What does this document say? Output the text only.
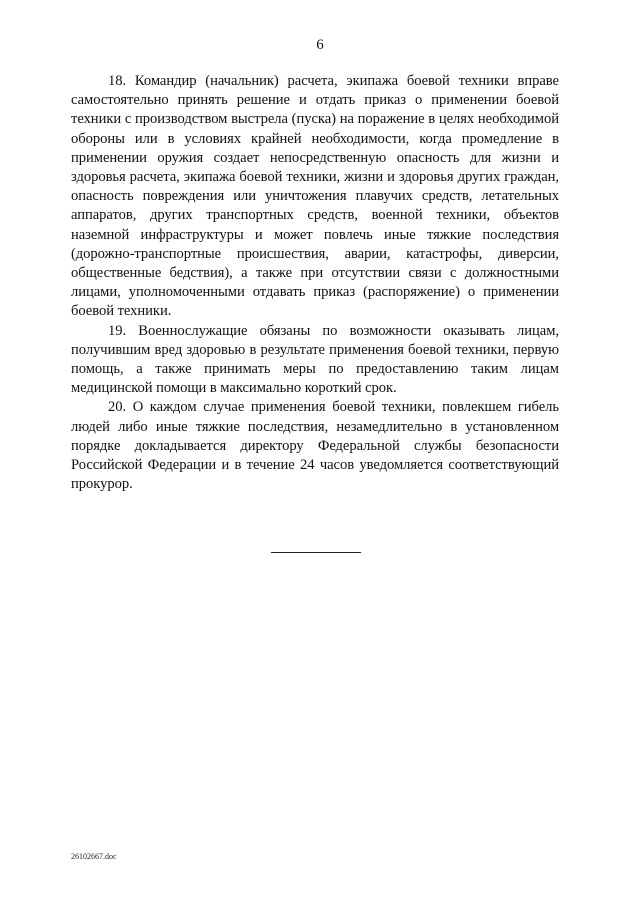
6

18. Командир (начальник) расчета, экипажа боевой техники вправе самостоятельно принять решение и отдать приказ о применении боевой техники с производством выстрела (пуска) на поражение в целях необходимой обороны или в условиях крайней необходимости, когда промедление в применении оружия создает непосредственную опасность для жизни и здоровья расчета, экипажа боевой техники, жизни и здоровья других граждан, опасность повреждения или уничтожения плавучих средств, летательных аппаратов, других транспортных средств, военной техники, объектов наземной инфраструктуры и может повлечь иные тяжкие последствия (дорожно-транспортные происшествия, аварии, катастрофы, диверсии, общественные бедствия), а также при отсутствии связи с должностными лицами, уполномоченными отдавать приказ (распоряжение) о применении боевой техники.

19. Военнослужащие обязаны по возможности оказывать лицам, получившим вред здоровью в результате применения боевой техники, первую помощь, а также принимать меры по предоставлению таким лицам медицинской помощи в максимально короткий срок.

20. О каждом случае применения боевой техники, повлекшем гибель людей либо иные тяжкие последствия, незамедлительно в установленном порядке докладывается директору Федеральной службы безопасности Российской Федерации и в течение 24 часов уведомляется соответствующий прокурор.

26102667.doc
